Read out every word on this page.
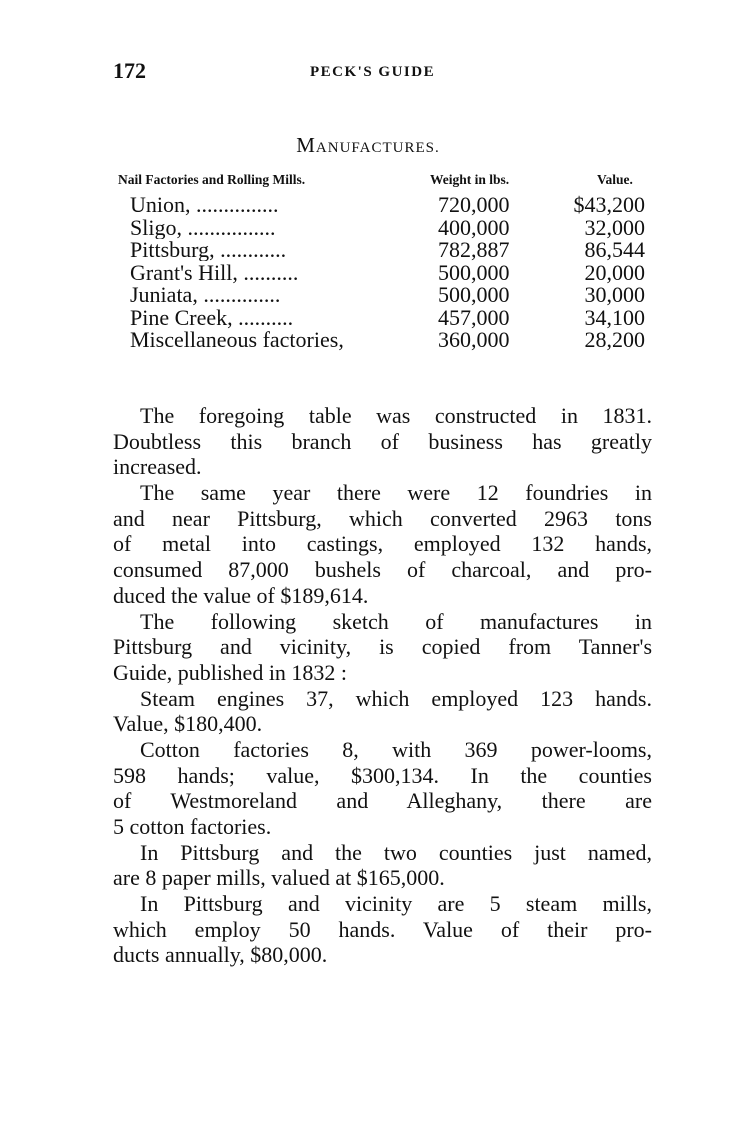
172	PECK'S GUIDE
MANUFACTURES.
Nail Factories and Rolling Mills.	Weight in lbs.	Value.
Union, ...............	720,000	$43,200
Sligo, ................	400,000	32,000
Pittsburg, ............	782,887	86,544
Grant's Hill, ..........	500,000	20,000
Juniata, ..............	500,000	30,000
Pine Creek, ..........	457,000	34,100
Miscellaneous factories,	360,000	28,200
The foregoing table was constructed in 1831.
Doubtless this branch of business has greatly
increased.
The same year there were 12 foundries in
and near Pittsburg, which converted 2963 tons
of metal into castings, employed 132 hands,
consumed 87,000 bushels of charcoal, and pro-
duced the value of $189,614.
The following sketch of manufactures in
Pittsburg and vicinity, is copied from Tanner's
Guide, published in 1832 :
Steam engines 37, which employed 123 hands.
Value, $180,400.
Cotton factories 8, with 369 power-looms,
598 hands; value, $300,134. In the counties
of Westmoreland and Alleghany, there are
5 cotton factories.
In Pittsburg and the two counties just named,
are 8 paper mills, valued at $165,000.
In Pittsburg and vicinity are 5 steam mills,
which employ 50 hands. Value of their pro-
ducts annually, $80,000.
